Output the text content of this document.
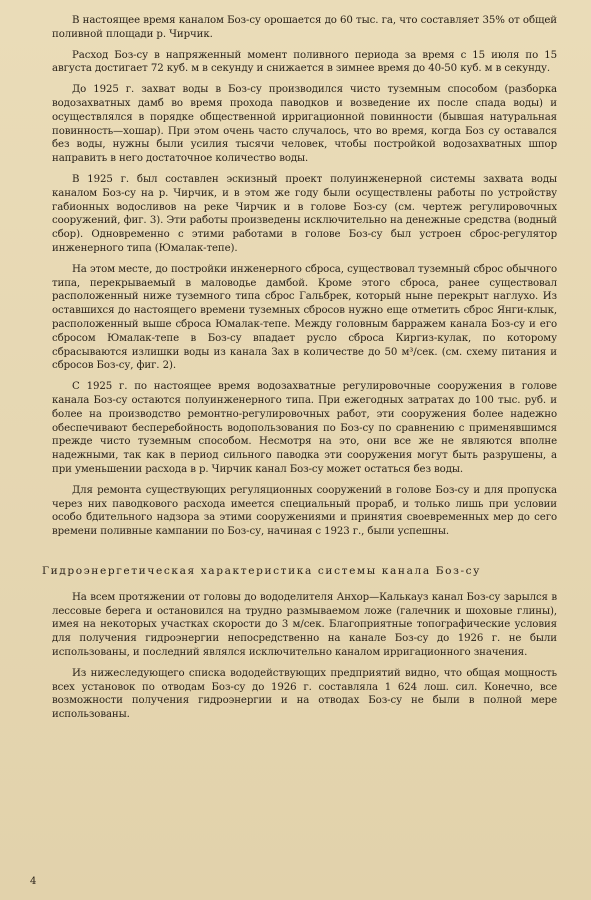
В настоящее время каналом Боз-су орошается до 60 тыс. га, что составляет 35% от общей поливной площади р. Чирчик.

Расход Боз-су в напряженный момент поливного периода за время с 15 июля по 15 августа достигает 72 куб. м в секунду и снижается в зимнее время до 40-50 куб. м в секунду.

До 1925 г. захват воды в Боз-су производился чисто туземным способом (разборка водозахватных дамб во время прохода паводков и возведение их после спада воды) и осуществлялся в порядке общественной ирригационной повинности (бывшая натуральная повинность—хошар). При этом очень часто случалось, что во время, когда Боз су оставался без воды, нужны были усилия тысячи человек, чтобы постройкой водозахватных шпор направить в него достаточное количество воды.

В 1925 г. был составлен эскизный проект полуинженерной системы захвата воды каналом Боз-су на р. Чирчик, и в этом же году были осуществлены работы по устройству габионных водосливов на реке Чирчик и в голове Боз-су (см. чертеж регулировочных сооружений, фиг. 3). Эти работы произведены исключительно на денежные средства (водный сбор). Одновременно с этими работами в голове Боз-су был устроен сброс-регулятор инженерного типа (Юмалак-тепе).

На этом месте, до постройки инженерного сброса, существовал туземный сброс обычного типа, перекрываемый в маловодье дамбой. Кроме этого сброса, ранее существовал расположенный ниже туземного типа сброс Гальбрек, который ныне перекрыт наглухо. Из оставшихся до настоящего времени туземных сбросов нужно еще отметить сброс Янги-клык, расположенный выше сброса Юмалак-тепе. Между головным барражем канала Боз-су и его сбросом Юмалак-тепе в Боз-су впадает русло сброса Киргиз-кулак, по которому сбрасываются излишки воды из канала Зах в количестве до 50 м³/сек. (см. схему питания и сбросов Боз-су, фиг. 2).

С 1925 г. по настоящее время водозахватные регулировочные сооружения в голове канала Боз-су остаются полуинженерного типа. При ежегодных затратах до 100 тыс. руб. и более на производство ремонтно-регулировочных работ, эти сооружения более надежно обеспечивают бесперебойность водопользования по Боз-су по сравнению с применявшимся прежде чисто туземным способом. Несмотря на это, они все же не являются вполне надежными, так как в период сильного паводка эти сооружения могут быть разрушены, а при уменьшении расхода в р. Чирчик канал Боз-су может остаться без воды.

Для ремонта существующих регуляционных сооружений в голове Боз-су и для пропуска через них паводкового расхода имеется специальный прораб, и только лишь при условии особо бдительного надзора за этими сооружениями и принятия своевременных мер до сего времени поливные кампании по Боз-су, начиная с 1923 г., были успешны.

Гидроэнергетическая характеристика системы канала Боз-су

На всем протяжении от головы до вододелителя Анхор—Калькауз канал Боз-су зарылся в лессовые берега и остановился на трудно размываемом ложе (галечник и шоховые глины), имея на некоторых участках скорости до 3 м/сек. Благоприятные топографические условия для получения гидроэнергии непосредственно на канале Боз-су до 1926 г. не были использованы, и последний являлся исключительно каналом ирригационного значения.

Из нижеследующего списка вододействующих предприятий видно, что общая мощность всех установок по отводам Боз-су до 1926 г. составляла 1 624 лош. сил. Конечно, все возможности получения гидроэнергии и на отводах Боз-су не были в полной мере использованы.

4
